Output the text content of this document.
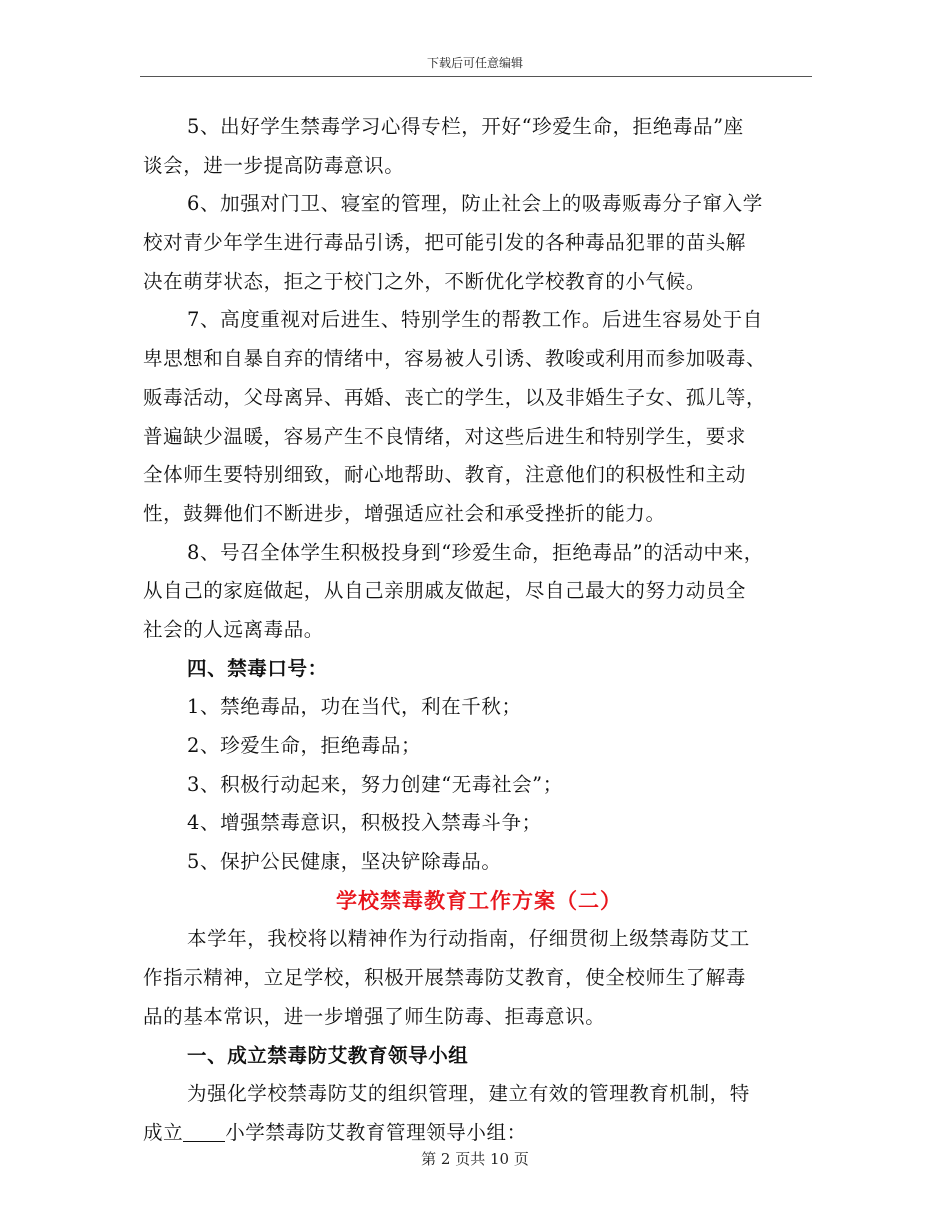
下载后可任意编辑
5、出好学生禁毒学习心得专栏，开好“珍爱生命，拒绝毒品”座
谈会，进一步提高防毒意识。
6、加强对门卫、寝室的管理，防止社会上的吸毒贩毒分子窜入学
校对青少年学生进行毒品引诱，把可能引发的各种毒品犯罪的苗头解
决在萌芽状态，拒之于校门之外，不断优化学校教育的小气候。
7、高度重视对后进生、特别学生的帮教工作。后进生容易处于自
卑思想和自暴自弃的情绪中，容易被人引诱、教唆或利用而参加吸毒、
贩毒活动，父母离异、再婚、丧亡的学生，以及非婚生子女、孤儿等，
普遍缺少温暖，容易产生不良情绪，对这些后进生和特别学生，要求
全体师生要特别细致，耐心地帮助、教育，注意他们的积极性和主动
性，鼓舞他们不断进步，增强适应社会和承受挫折的能力。
8、号召全体学生积极投身到“珍爱生命，拒绝毒品”的活动中来，
从自己的家庭做起，从自己亲朋戚友做起，尽自己最大的努力动员全
社会的人远离毒品。
四、禁毒口号：
1、禁绝毒品，功在当代，利在千秋；
2、珍爱生命，拒绝毒品；
3、积极行动起来，努力创建“无毒社会”；
4、增强禁毒意识，积极投入禁毒斗争；
5、保护公民健康，坚决铲除毒品。
学校禁毒教育工作方案（二）
本学年，我校将以精神作为行动指南，仔细贯彻上级禁毒防艾工
作指示精神，立足学校，积极开展禁毒防艾教育，使全校师生了解毒
品的基本常识，进一步增强了师生防毒、拒毒意识。
一、成立禁毒防艾教育领导小组
为强化学校禁毒防艾的组织管理，建立有效的管理教育机制，特
成立 小学禁毒防艾教育管理领导小组：
第 2 页共 10 页
